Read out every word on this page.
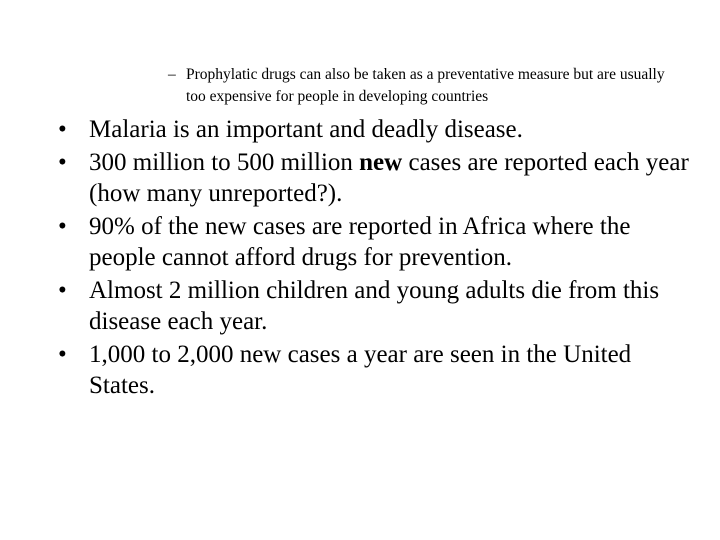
– Prophylatic drugs can also be taken as a preventative measure but are usually too expensive for people in developing countries
• Malaria is an important and deadly disease.
• 300 million to 500 million new cases are reported each year (how many unreported?).
• 90% of the new cases are reported in Africa where the people cannot afford drugs for prevention.
• Almost 2 million children and young adults die from this disease each year.
• 1,000 to 2,000 new cases a year are seen in the United States.
